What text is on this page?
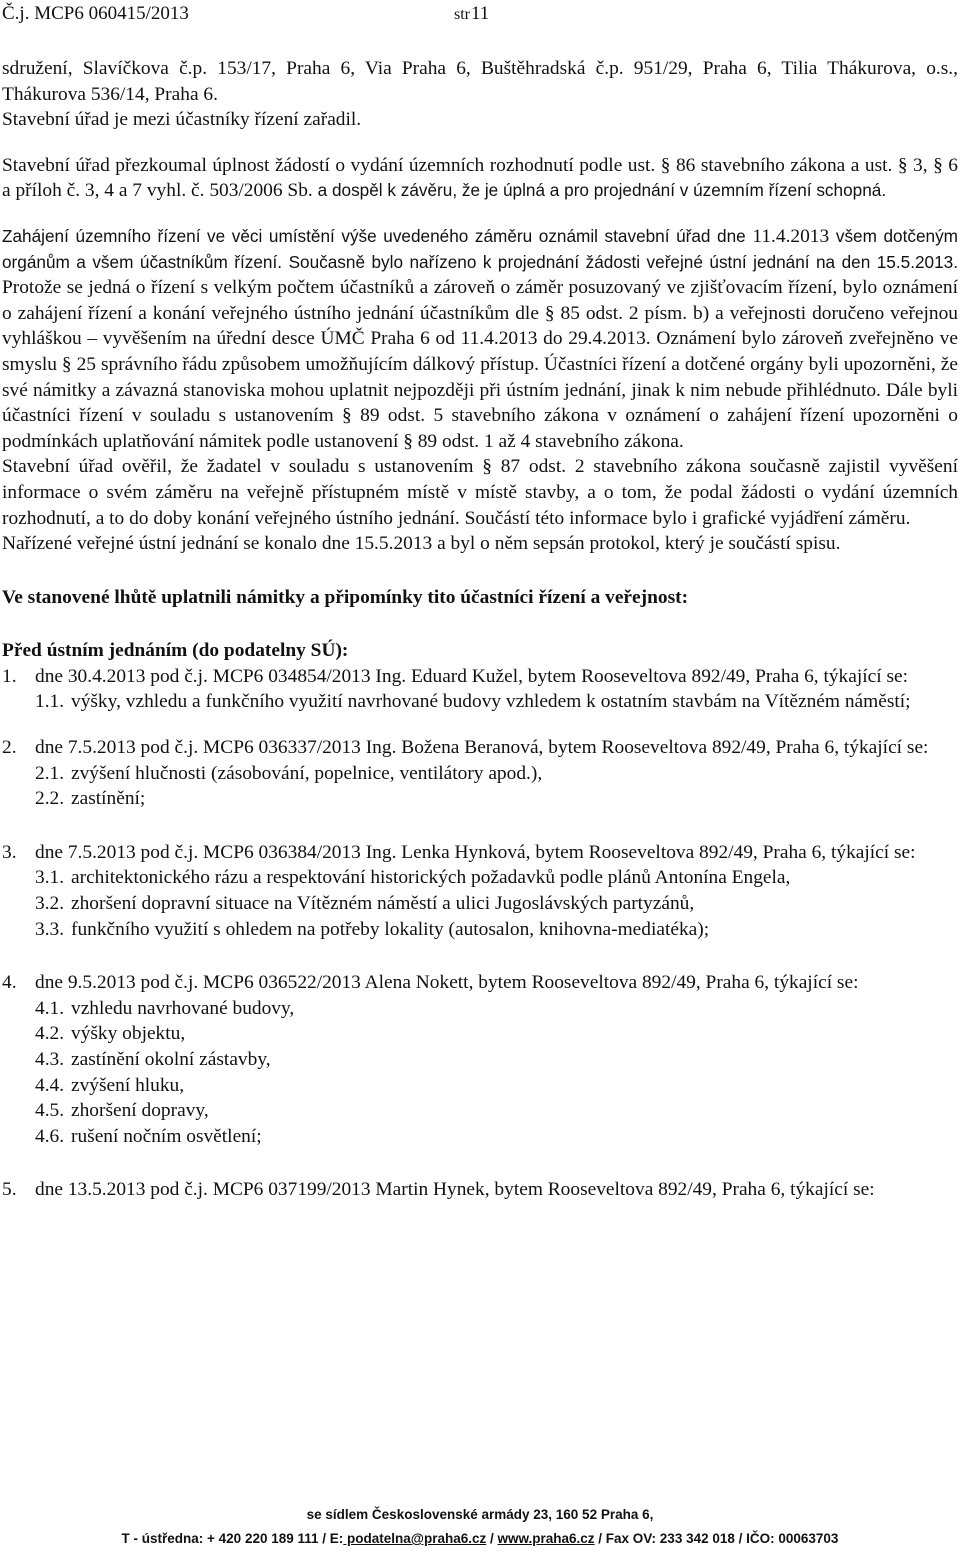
Č.j. MCP6 060415/2013	str11

sdružení, Slavíčkova č.p. 153/17, Praha 6, Via Praha 6, Buštěhradská č.p. 951/29, Praha 6, Tilia Thákurova, o.s., Thákurova 536/14, Praha 6.

Stavební úřad je mezi účastníky řízení zařadil.

Stavební úřad přezkoumal úplnost žádostí o vydání územních rozhodnutí podle ust. § 86 stavebního zákona a ust. § 3, § 6 a příloh č. 3, 4 a 7 vyhl. č. 503/2006 Sb. a dospěl k závěru, že je úplná a pro projednání v územním řízení schopná.

Zahájení územního řízení ve věci umístění výše uvedeného záměru oznámil stavební úřad dne 11.4.2013 všem dotčeným orgánům a všem účastníkům řízení. Současně bylo nařízeno k projednání žádosti veřejné ústní jednání na den 15.5.2013. Protože se jedná o řízení s velkým počtem účastníků a zároveň o záměr posuzovaný ve zjišťovacím řízení, bylo oznámení o zahájení řízení a konání veřejného ústního jednání účastníkům dle § 85 odst. 2 písm. b) a veřejnosti doručeno veřejnou vyhláškou – vyvěšením na úřední desce ÚMČ Praha 6 od 11.4.2013 do 29.4.2013. Oznámení bylo zároveň zveřejněno ve smyslu § 25 správního řádu způsobem umožňujícím dálkový přístup. Účastníci řízení a dotčené orgány byli upozorněni, že své námitky a závazná stanoviska mohou uplatnit nejpozději při ústním jednání, jinak k nim nebude přihlédnuto. Dále byli účastníci řízení v souladu s ustanovením § 89 odst. 5 stavebního zákona v oznámení o zahájení řízení upozorněni o podmínkách uplatňování námitek podle ustanovení § 89 odst. 1 až 4 stavebního zákona.

Stavební úřad ověřil, že žadatel v souladu s ustanovením § 87 odst. 2 stavebního zákona současně zajistil vyvěšení informace o svém záměru na veřejně přístupném místě v místě stavby, a o tom, že podal žádosti o vydání územních rozhodnutí, a to do doby konání veřejného ústního jednání. Součástí této informace bylo i grafické vyjádření záměru.

Nařízené veřejné ústní jednání se konalo dne 15.5.2013 a byl o něm sepsán protokol, který je součástí spisu.

Ve stanovené lhůtě uplatnili námitky a připomínky tito účastníci řízení a veřejnost:

Před ústním jednáním (do podatelny SÚ):

1. dne 30.4.2013 pod č.j. MCP6 034854/2013 Ing. Eduard Kužel, bytem Rooseveltova 892/49, Praha 6, týkající se:
1.1. výšky, vzhledu a funkčního využití navrhované budovy vzhledem k ostatním stavbám na Vítězném náměstí;
2. dne 7.5.2013 pod č.j. MCP6 036337/2013 Ing. Božena Beranová, bytem Rooseveltova 892/49, Praha 6, týkající se:
2.1. zvýšení hlučnosti (zásobování, popelnice, ventilátory apod.),
2.2. zastínění;
3. dne 7.5.2013 pod č.j. MCP6 036384/2013 Ing. Lenka Hynková, bytem Rooseveltova 892/49, Praha 6, týkající se:
3.1. architektonického rázu a respektování historických požadavků podle plánů Antonína Engela,
3.2. zhoršení dopravní situace na Vítězném náměstí a ulici Jugoslávských partyzánů,
3.3. funkčního využití s ohledem na potřeby lokality (autosalon, knihovna-mediatéka);
4. dne 9.5.2013 pod č.j. MCP6 036522/2013 Alena Nokett, bytem Rooseveltova 892/49, Praha 6, týkající se:
4.1. vzhledu navrhované budovy,
4.2. výšky objektu,
4.3. zastínění okolní zástavby,
4.4. zvýšení hluku,
4.5. zhoršení dopravy,
4.6. rušení nočním osvětlení;
5. dne 13.5.2013 pod č.j. MCP6 037199/2013 Martin Hynek, bytem Rooseveltova 892/49, Praha 6, týkající se:
se sídlem Československé armády 23, 160 52 Praha 6,
T - ústředna: + 420 220 189 111 / E: podatelna@praha6.cz / www.praha6.cz / Fax OV: 233 342 018 / IČO: 00063703
